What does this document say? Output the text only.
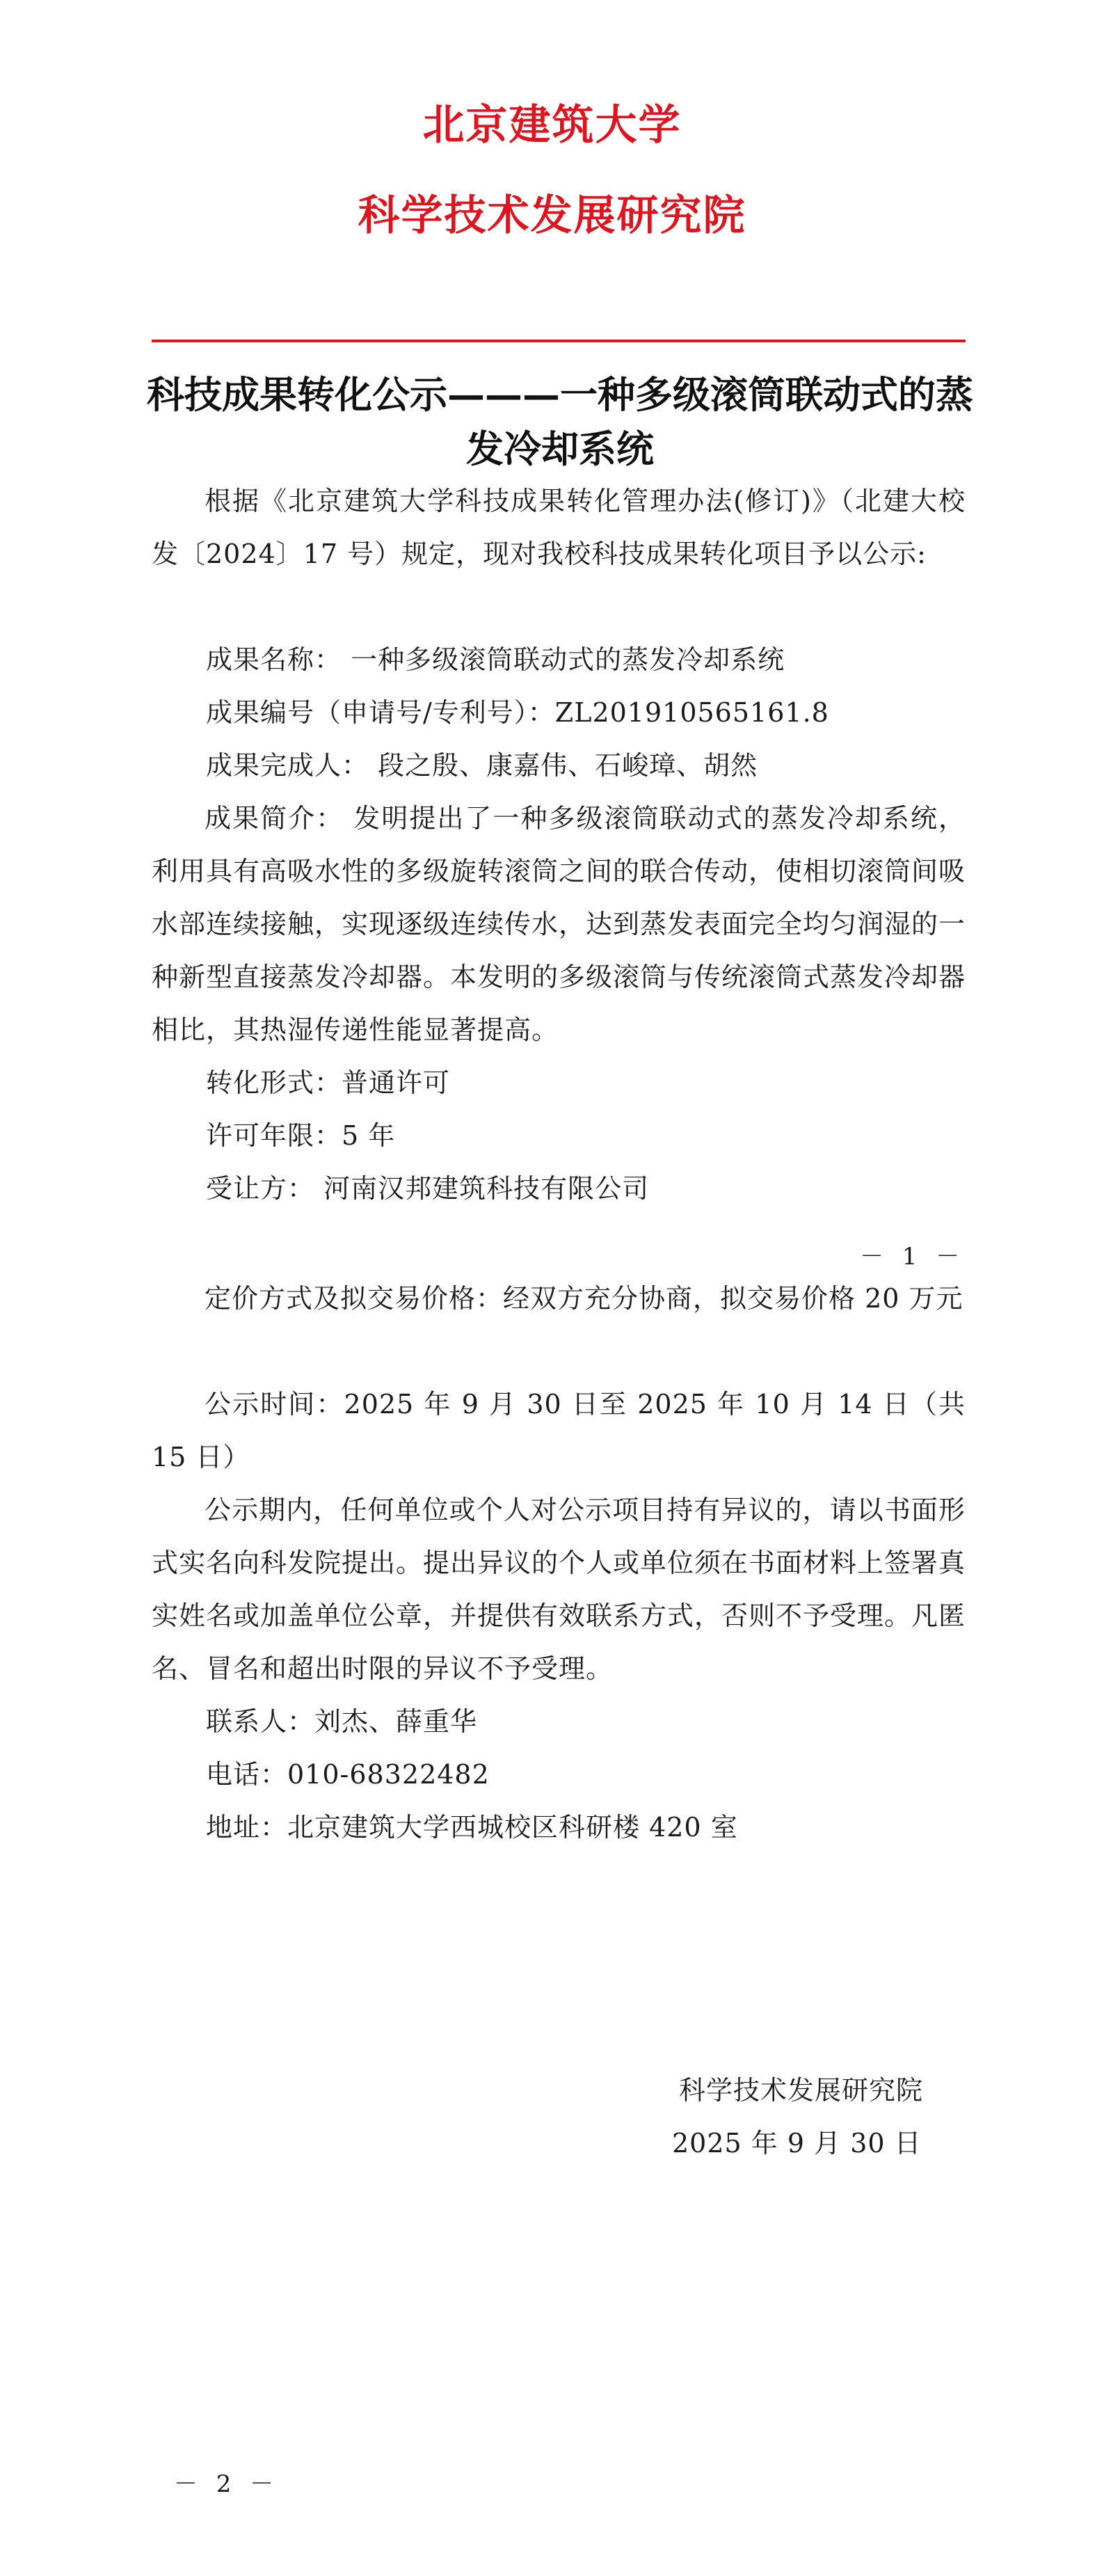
北京建筑大学
科学技术发展研究院
科技成果转化公示———一种多级滚筒联动式的蒸发冷却系统
根据《北京建筑大学科技成果转化管理办法(修订)》（北建大校发〔2024〕17 号）规定，现对我校科技成果转化项目予以公示:
成果名称： 一种多级滚筒联动式的蒸发冷却系统
成果编号（申请号/专利号）：ZL201910565161.8
成果完成人： 段之殷、康嘉伟、石峻璋、胡然
成果简介： 发明提出了一种多级滚筒联动式的蒸发冷却系统，利用具有高吸水性的多级旋转滚筒之间的联合传动，使相切滚筒间吸水部连续接触，实现逐级连续传水，达到蒸发表面完全均匀润湿的一种新型直接蒸发冷却器。本发明的多级滚筒与传统滚筒式蒸发冷却器相比，其热湿传递性能显著提高。
转化形式：普通许可
许可年限：5 年
受让方： 河南汉邦建筑科技有限公司
－ 1 －
定价方式及拟交易价格：经双方充分协商，拟交易价格 20 万元
公示时间：2025 年 9 月 30 日至 2025 年 10 月 14 日（共 15 日）
公示期内，任何单位或个人对公示项目持有异议的，请以书面形式实名向科发院提出。提出异议的个人或单位须在书面材料上签署真实姓名或加盖单位公章，并提供有效联系方式，否则不予受理。凡匿名、冒名和超出时限的异议不予受理。
联系人：刘杰、薛重华
电话：010-68322482
地址：北京建筑大学西城校区科研楼 420 室
科学技术发展研究院
2025 年 9 月 30 日
－ 2 －
